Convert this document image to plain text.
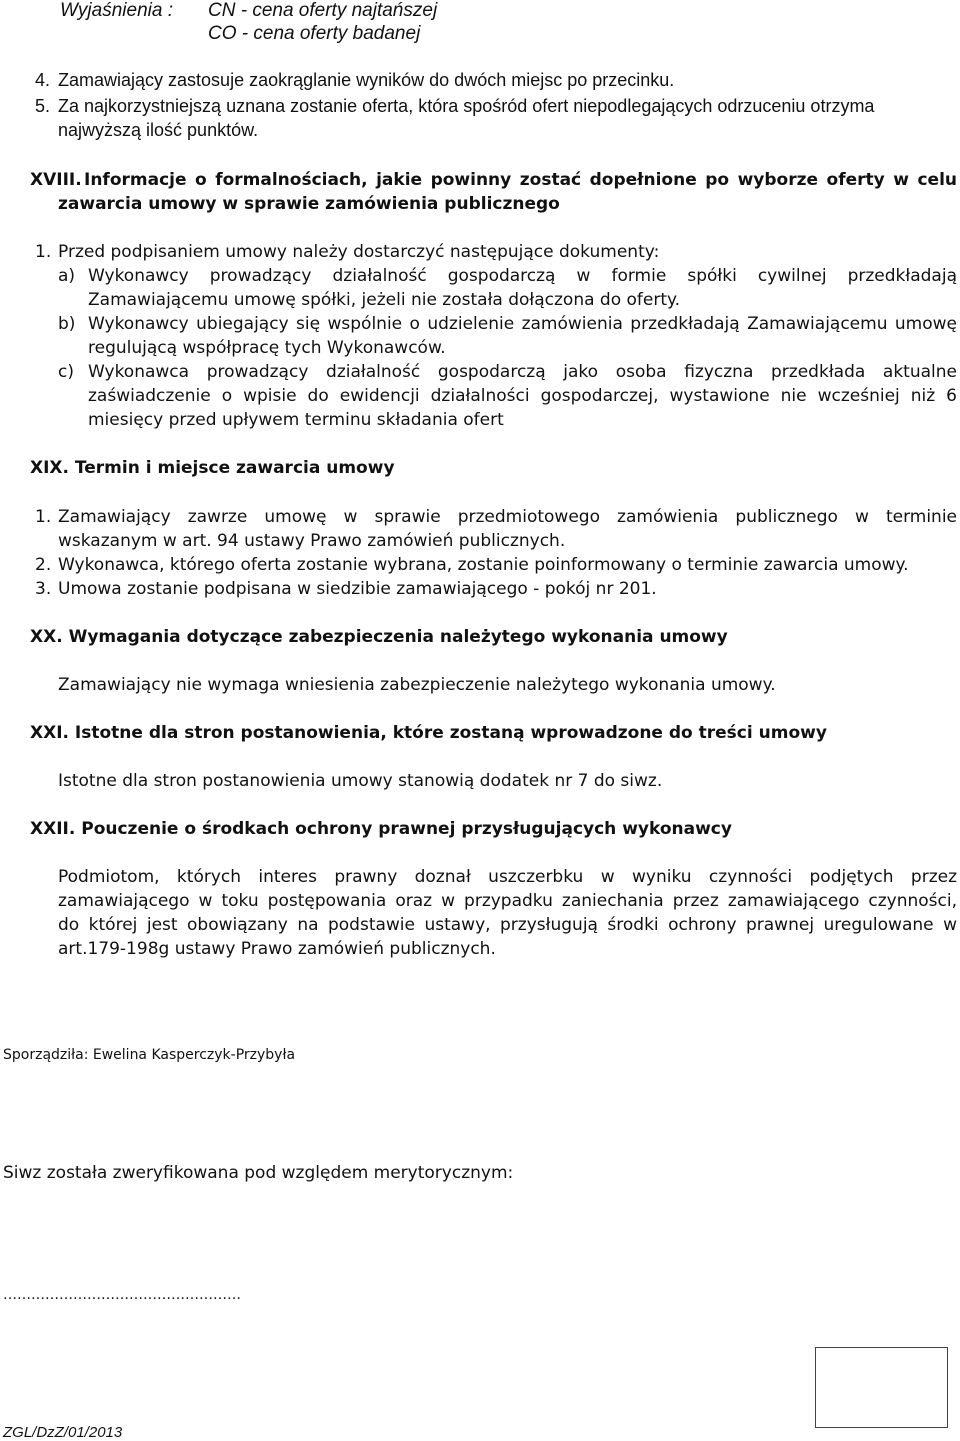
Wyjaśnienia : CN - cena oferty najtańszej
CO - cena oferty badanej
4. Zamawiający zastosuje zaokrąglanie wyników do dwóch miejsc po przecinku.
5. Za najkorzystniejszą uznana zostanie oferta, która spośród ofert niepodlegających odrzuceniu otrzyma
najwyższą ilość punktów.
XVIII. Informacje o formalnościach, jakie powinny zostać dopełnione po wyborze oferty w celu
zawarcia umowy w sprawie zamówienia publicznego
1. Przed podpisaniem umowy należy dostarczyć następujące dokumenty:
a) Wykonawcy prowadzący działalność gospodarczą w formie spółki cywilnej przedkładają
Zamawiającemu umowę spółki, jeżeli nie została dołączona do oferty.
b) Wykonawcy ubiegający się wspólnie o udzielenie zamówienia przedkładają Zamawiającemu umowę
regulującą współpracę tych Wykonawców.
c) Wykonawca prowadzący działalność gospodarczą jako osoba fizyczna przedkłada aktualne
zaświadczenie o wpisie do ewidencji działalności gospodarczej, wystawione nie wcześniej niż 6
miesięcy przed upływem terminu składania ofert
XIX. Termin i miejsce zawarcia umowy
1. Zamawiający zawrze umowę w sprawie przedmiotowego zamówienia publicznego w terminie
wskazanym w art. 94 ustawy Prawo zamówień publicznych.
2. Wykonawca, którego oferta zostanie wybrana, zostanie poinformowany o terminie zawarcia umowy.
3. Umowa zostanie podpisana w siedzibie zamawiającego - pokój nr 201.
XX. Wymagania dotyczące zabezpieczenia należytego wykonania umowy
Zamawiający nie wymaga wniesienia zabezpieczenie należytego wykonania umowy.
XXI. Istotne dla stron postanowienia, które zostaną wprowadzone do treści umowy
Istotne dla stron postanowienia umowy stanowią dodatek nr 7 do siwz.
XXII. Pouczenie o środkach ochrony prawnej przysługujących wykonawcy
Podmiotom, których interes prawny doznał uszczerbku w wyniku czynności podjętych przez
zamawiającego w toku postępowania oraz w przypadku zaniechania przez zamawiającego czynności,
do której jest obowiązany na podstawie ustawy, przysługują środki ochrony prawnej uregulowane w
art.179-198g ustawy Prawo zamówień publicznych.
Sporządziła: Ewelina Kasperczyk-Przybyła
Siwz została zweryfikowana pod względem merytorycznym:
……………………………………………
ZGL/DzZ/01/2013
